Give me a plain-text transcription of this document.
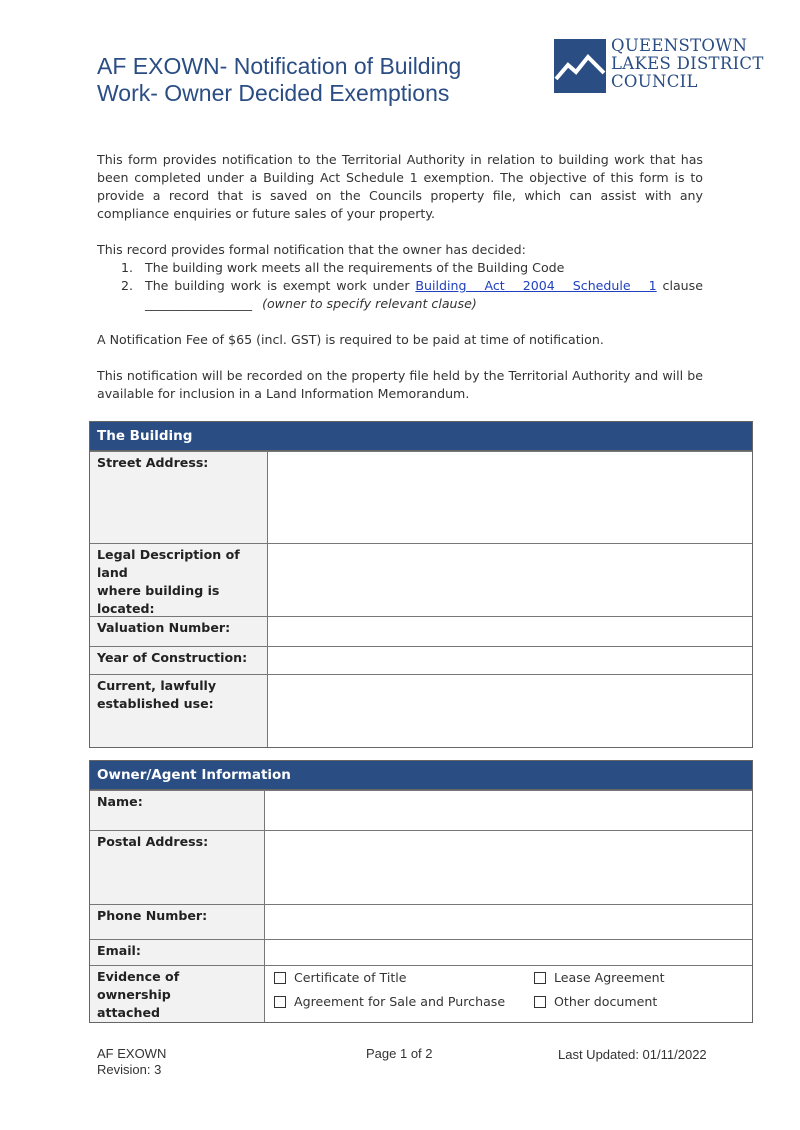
AF EXOWN- Notification of Building
Work- Owner Decided Exemptions
QUEENSTOWN
LAKES DISTRICT
COUNCIL

This form provides notification to the Territorial Authority in relation to building work that has been completed under a Building Act Schedule 1 exemption. The objective of this form is to provide a record that is saved on the Councils property file, which can assist with any compliance enquiries or future sales of your property.

This record provides formal notification that the owner has decided:

1. The building work meets all the requirements of the Building Code
2. The building work is exempt work under Building Act 2004 Schedule 1 clause
_________________ (owner to specify relevant clause)

A Notification Fee of $65 (incl. GST) is required to be paid at time of notification.

This notification will be recorded on the property file held by the Territorial Authority and will be available for inclusion in a Land Information Memorandum.

The Building
Street Address:
Legal Description of land
where building is located:
Valuation Number:
Year of Construction:
Current, lawfully
established use:
Owner/Agent Information
Name:
Postal Address:
Phone Number:
Email:
Evidence of ownership
attached
Certificate of Title	Lease Agreement
Agreement for Sale and Purchase	Other document
AF EXOWN
Revision: 3
Page 1 of 2	Last Updated: 01/11/2022
